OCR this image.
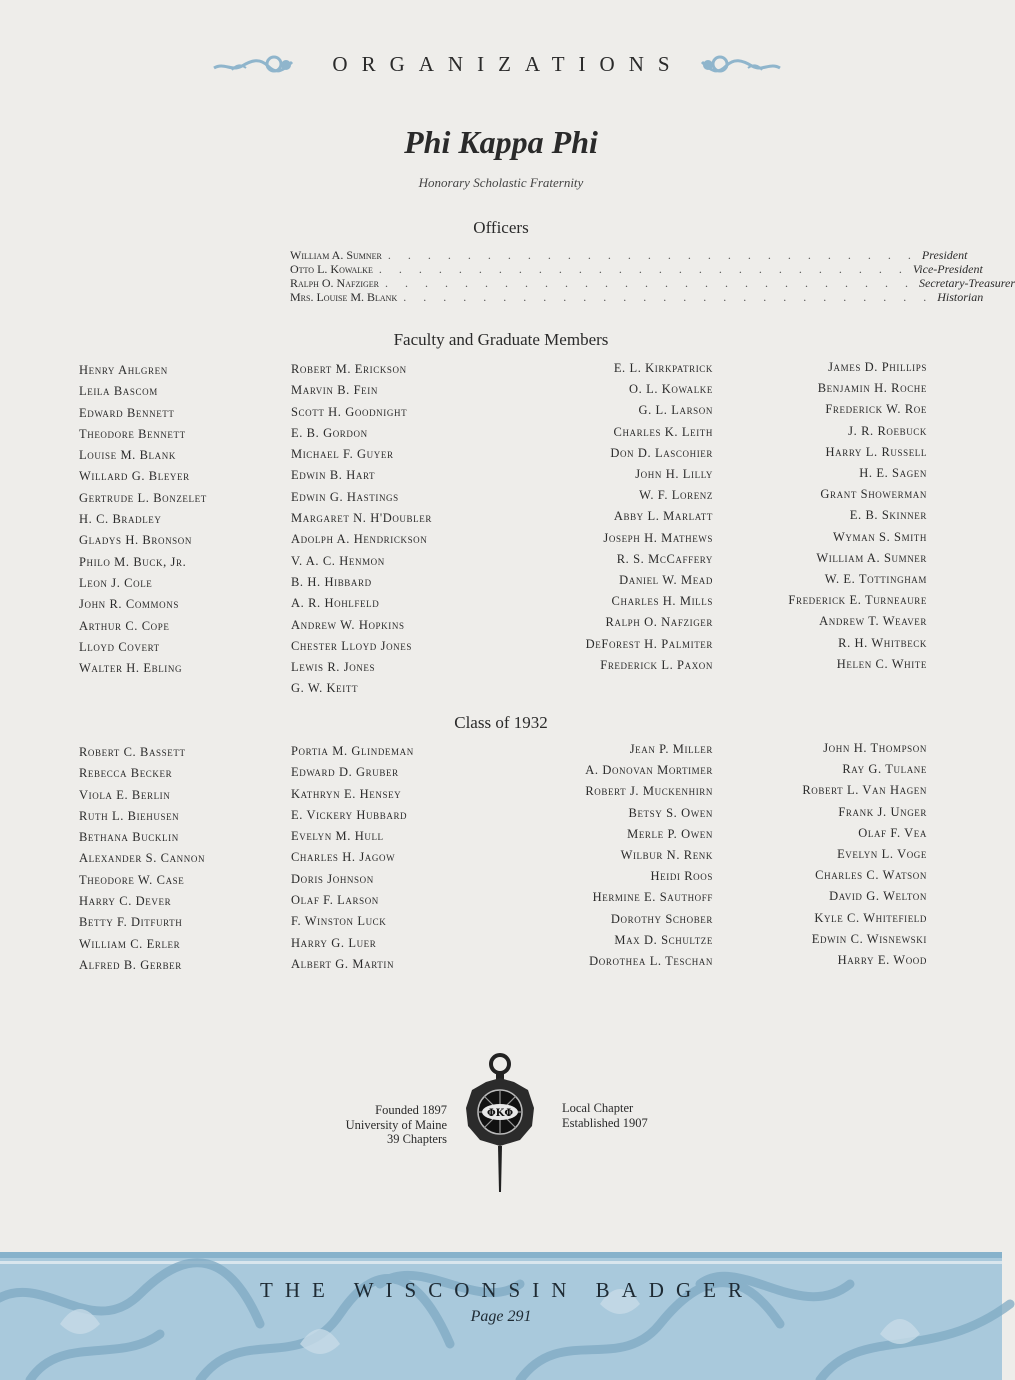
ORGANIZATIONS
Phi Kappa Phi
Honorary Scholastic Fraternity
Officers
William A. Sumner . . . . . . . . . . . . . . . . . . . . . . . . . . . President
Otto L. Kowalke . . . . . . . . . . . . . . . . . . . . . . . . . . . Vice-President
Ralph O. Nafziger . . . . . . . . . . . . . . . . . . . . . . . . . . . Secretary-Treasurer
Mrs. Louise M. Blank . . . . . . . . . . . . . . . . . . . . . . . . . . . Historian
Faculty and Graduate Members
Henry Ahlgren
Leila Bascom
Edward Bennett
Theodore Bennett
Louise M. Blank
Willard G. Bleyer
Gertrude L. Bonzelet
H. C. Bradley
Gladys H. Bronson
Philo M. Buck, Jr.
Leon J. Cole
John R. Commons
Arthur C. Cope
Lloyd Covert
Walter H. Ebling
Robert M. Erickson
Marvin B. Fein
Scott H. Goodnight
E. B. Gordon
Michael F. Guyer
Edwin B. Hart
Edwin G. Hastings
Margaret N. H'Doubler
Adolph A. Hendrickson
V. A. C. Henmon
B. H. Hibbard
A. R. Hohlfeld
Andrew W. Hopkins
Chester Lloyd Jones
Lewis R. Jones
G. W. Keitt
E. L. Kirkpatrick
O. L. Kowalke
G. L. Larson
Charles K. Leith
Don D. Lascohier
John H. Lilly
W. F. Lorenz
Abby L. Marlatt
Joseph H. Mathews
R. S. McCaffery
Daniel W. Mead
Charles H. Mills
Ralph O. Nafziger
DeForest H. Palmiter
Frederick L. Paxon
James D. Phillips
Benjamin H. Roche
Frederick W. Roe
J. R. Roebuck
Harry L. Russell
H. E. Sagen
Grant Showerman
E. B. Skinner
Wyman S. Smith
William A. Sumner
W. E. Tottingham
Frederick E. Turneaure
Andrew T. Weaver
R. H. Whitbeck
Helen C. White
Class of 1932
Robert C. Bassett
Rebecca Becker
Viola E. Berlin
Ruth L. Biehusen
Bethana Bucklin
Alexander S. Cannon
Theodore W. Case
Harry C. Dever
Betty F. Ditfurth
William C. Erler
Alfred B. Gerber
Portia M. Glindeman
Edward D. Gruber
Kathryn E. Hensey
E. Vickery Hubbard
Evelyn M. Hull
Charles H. Jagow
Doris Johnson
Olaf F. Larson
F. Winston Luck
Harry G. Luer
Albert G. Martin
Jean P. Miller
A. Donovan Mortimer
Robert J. Muckenhirn
Betsy S. Owen
Merle P. Owen
Wilbur N. Renk
Heidi Roos
Hermine E. Sauthoff
Dorothy Schober
Max D. Schultze
Dorothea L. Teschan
John H. Thompson
Ray G. Tulane
Robert L. Van Hagen
Frank J. Unger
Olaf F. Vea
Evelyn L. Voge
Charles C. Watson
David G. Welton
Kyle C. Whitefield
Edwin C. Wisnewski
Harry E. Wood
Founded 1897
University of Maine
39 Chapters
ΦΚΦ	Local Chapter
Established 1907
THE WISCONSIN BADGER
Page 291
